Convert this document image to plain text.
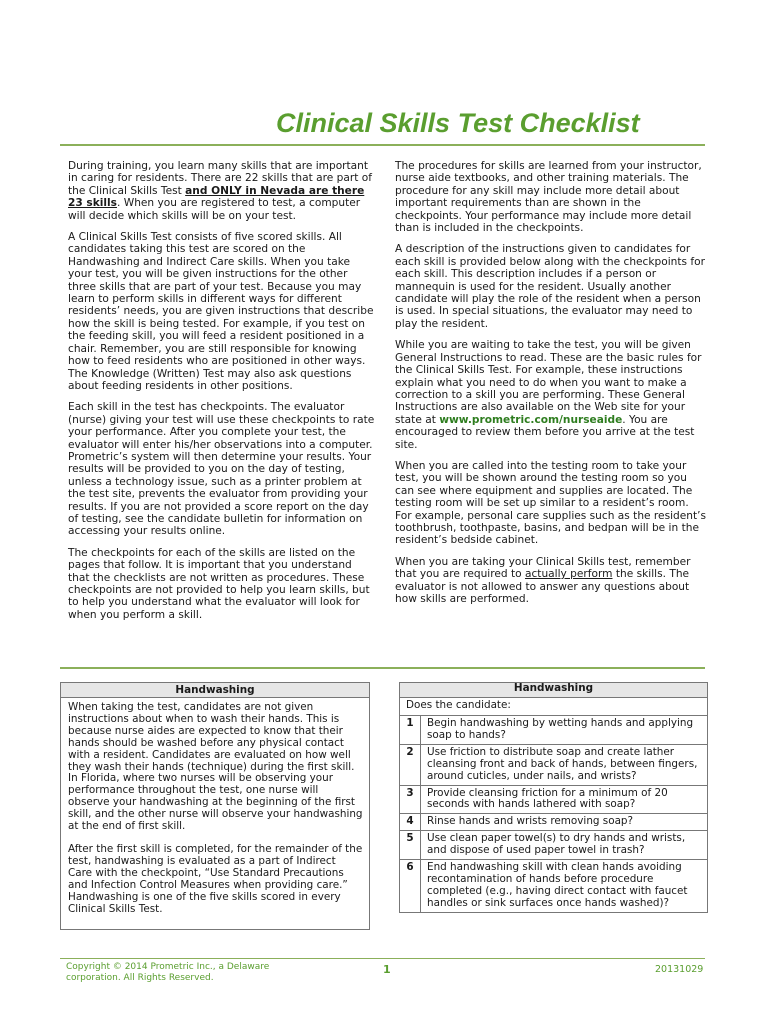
Clinical Skills Test Checklist

During training, you learn many skills that are important in caring for residents. There are 22 skills that are part of the Clinical Skills Test and ONLY in Nevada are there 23 skills. When you are registered to test, a computer will decide which skills will be on your test.

A Clinical Skills Test consists of five scored skills. All candidates taking this test are scored on the Handwashing and Indirect Care skills. When you take your test, you will be given instructions for the other three skills that are part of your test. Because you may learn to perform skills in different ways for different residents’ needs, you are given instructions that describe how the skill is being tested. For example, if you test on the feeding skill, you will feed a resident positioned in a chair. Remember, you are still responsible for knowing how to feed residents who are positioned in other ways. The Knowledge (Written) Test may also ask questions about feeding residents in other positions.

Each skill in the test has checkpoints. The evaluator (nurse) giving your test will use these checkpoints to rate your performance. After you complete your test, the evaluator will enter his/her observations into a computer. Prometric’s system will then determine your results. Your results will be provided to you on the day of testing, unless a technology issue, such as a printer problem at the test site, prevents the evaluator from providing your results. If you are not provided a score report on the day of testing, see the candidate bulletin for information on accessing your results online.

The checkpoints for each of the skills are listed on the pages that follow. It is important that you understand that the checklists are not written as procedures. These checkpoints are not provided to help you learn skills, but to help you understand what the evaluator will look for when you perform a skill.

The procedures for skills are learned from your instructor, nurse aide textbooks, and other training materials. The procedure for any skill may include more detail about important requirements than are shown in the checkpoints. Your performance may include more detail than is included in the checkpoints.

A description of the instructions given to candidates for each skill is provided below along with the checkpoints for each skill. This description includes if a person or mannequin is used for the resident. Usually another candidate will play the role of the resident when a person is used. In special situations, the evaluator may need to play the resident.

While you are waiting to take the test, you will be given General Instructions to read. These are the basic rules for the Clinical Skills Test. For example, these instructions explain what you need to do when you want to make a correction to a skill you are performing. These General Instructions are also available on the Web site for your state at www.prometric.com/nurseaide. You are encouraged to review them before you arrive at the test site.

When you are called into the testing room to take your test, you will be shown around the testing room so you can see where equipment and supplies are located. The testing room will be set up similar to a resident’s room. For example, personal care supplies such as the resident’s toothbrush, toothpaste, basins, and bedpan will be in the resident’s bedside cabinet.

When you are taking your Clinical Skills test, remember that you are required to actually perform the skills. The evaluator is not allowed to answer any questions about how skills are performed.

Handwashing

When taking the test, candidates are not given instructions about when to wash their hands. This is because nurse aides are expected to know that their hands should be washed before any physical contact with a resident. Candidates are evaluated on how well they wash their hands (technique) during the first skill. In Florida, where two nurses will be observing your performance throughout the test, one nurse will observe your handwashing at the beginning of the first skill, and the other nurse will observe your handwashing at the end of first skill.

After the first skill is completed, for the remainder of the test, handwashing is evaluated as a part of Indirect Care with the checkpoint, “Use Standard Precautions and Infection Control Measures when providing care.” Handwashing is one of the five skills scored in every Clinical Skills Test.

Handwashing	
Does the candidate:	
1	Begin handwashing by wetting hands and applying soap to hands?
2	Use friction to distribute soap and create lather cleansing front and back of hands, between fingers, around cuticles, under nails, and wrists?
3	Provide cleansing friction for a minimum of 20 seconds with hands lathered with soap?
4	Rinse hands and wrists removing soap?
5	Use clean paper towel(s) to dry hands and wrists, and dispose of used paper towel in trash?
6	End handwashing skill with clean hands avoiding recontamination of hands before procedure completed (e.g., having direct contact with faucet handles or sink surfaces once hands washed)?
Copyright © 2014 Prometric Inc., a Delaware corporation. All Rights Reserved.
1	20131029
